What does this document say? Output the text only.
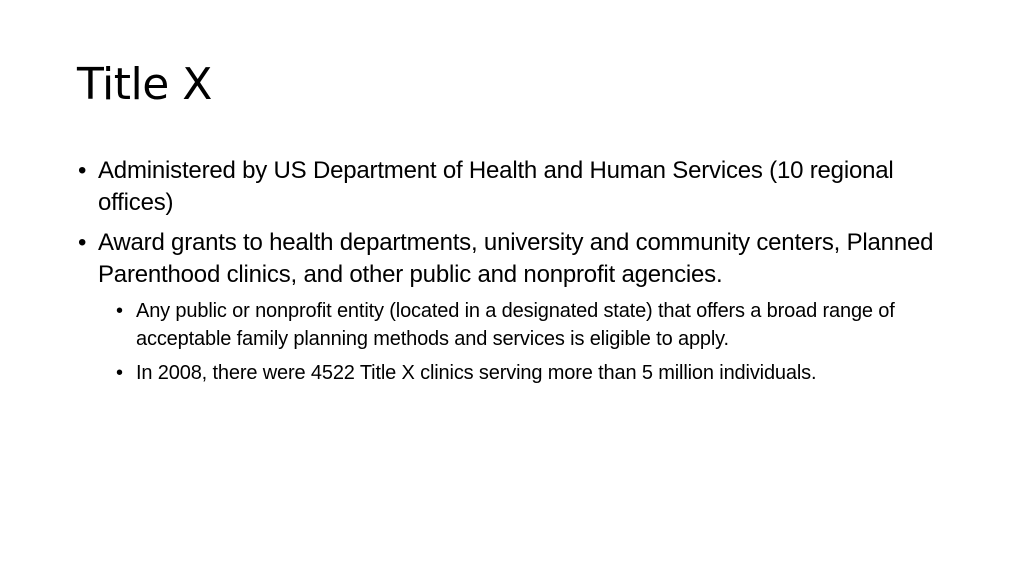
Title X
• Administered by US Department of Health and Human Services (10 regional offices)
• Award grants to health departments, university and community centers, Planned Parenthood clinics, and other public and nonprofit agencies.
• Any public or nonprofit entity (located in a designated state) that offers a broad range of acceptable family planning methods and services is eligible to apply.
• In 2008, there were 4522 Title X clinics serving more than 5 million individuals.
